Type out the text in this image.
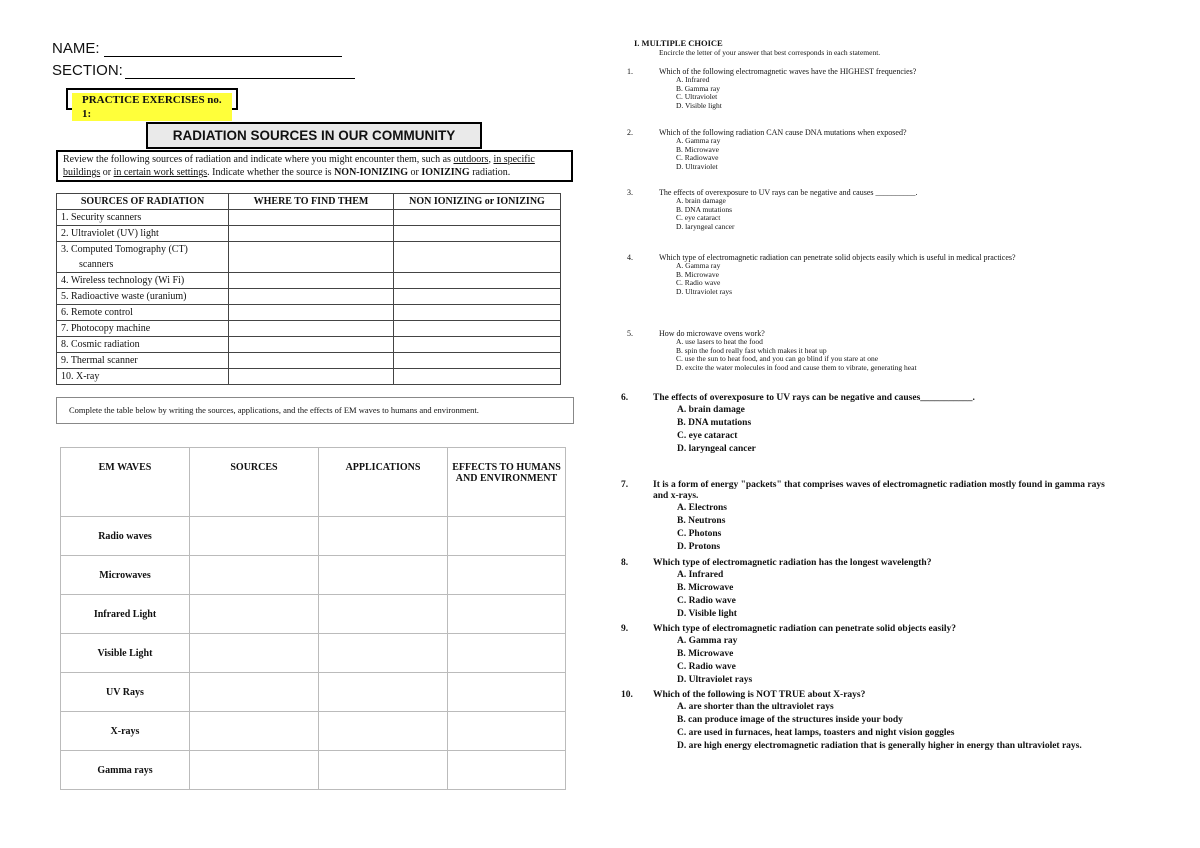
NAME:
SECTION:
PRACTICE EXERCISES no. 1:
RADIATION SOURCES IN OUR COMMUNITY
Review the following sources of radiation and indicate where you might encounter them, such as outdoors, in specific buildings or in certain work settings. Indicate whether the source is NON-IONIZING or IONIZING radiation.
SOURCES OF RADIATION	WHERE TO FIND THEM	NON IONIZING or IONIZING
1. Security scanners		
2. Ultraviolet (UV) light		
3. Computed Tomography (CT) scanners		
4. Wireless technology (Wi Fi)		
5. Radioactive waste (uranium)		
6. Remote control		
7. Photocopy machine		
8. Cosmic radiation		
9. Thermal scanner		
10. X-ray		
Complete the table below by writing the sources, applications, and the effects of EM waves to humans and environment.
EM WAVES	SOURCES	APPLICATIONS	EFFECTS TO HUMANS AND ENVIRONMENT
Radio waves			
Microwaves			
Infrared Light			
Visible Light			
UV Rays			
X-rays			
Gamma rays			
I. MULTIPLE CHOICE
Encircle the letter of your answer that best corresponds in each statement.
1.	Which of the following electromagnetic waves have the HIGHEST frequencies?
A. Infrared
B. Gamma ray
C. Ultraviolet
D. Visible light
2.	Which of the following radiation CAN cause DNA mutations when exposed?
A. Gamma ray
B. Microwave
C. Radiowave
D. Ultraviolet
3.	The effects of overexposure to UV rays can be negative and causes __________.
A. brain damage
B. DNA mutations
C. eye cataract
D. laryngeal cancer
4.	Which type of electromagnetic radiation can penetrate solid objects easily which is useful in medical practices?
A. Gamma ray
B. Microwave
C. Radio wave
D. Ultraviolet rays
5.	How do microwave ovens work?
A. use lasers to heat the food
B. spin the food really fast which makes it heat up
C. use the sun to heat food, and you can go blind if you stare at one
D. excite the water molecules in food and cause them to vibrate, generating heat
6.	The effects of overexposure to UV rays can be negative and causes___________.
A. brain damage
B. DNA mutations
C. eye cataract
D. laryngeal cancer
7.	It is a form of energy "packets" that comprises waves of electromagnetic radiation mostly found in gamma rays and x-rays.
A. Electrons
B. Neutrons
C. Photons
D. Protons
8.	Which type of electromagnetic radiation has the longest wavelength?
A. Infrared
B. Microwave
C. Radio wave
D. Visible light
9.	Which type of electromagnetic radiation can penetrate solid objects easily?
A. Gamma ray
B. Microwave
C. Radio wave
D. Ultraviolet rays
10. Which of the following is NOT TRUE about X-rays?
A. are shorter than the ultraviolet rays
B. can produce image of the structures inside your body
C. are used in furnaces, heat lamps, toasters and night vision goggles
D. are high energy electromagnetic radiation that is generally higher in energy than ultraviolet rays.
